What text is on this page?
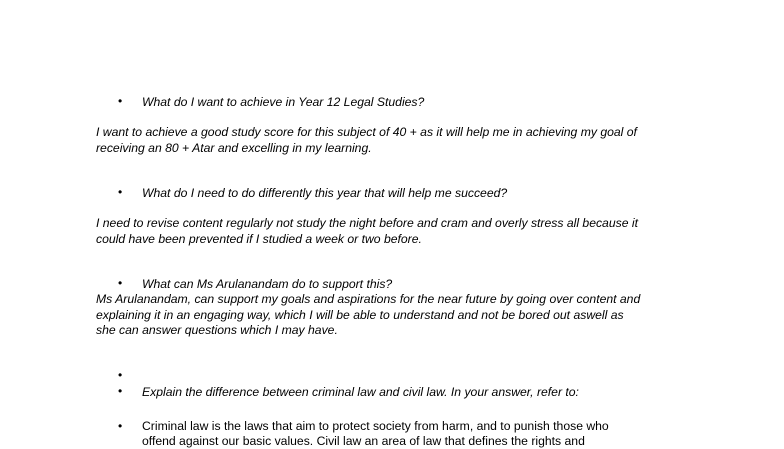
• What do I want to achieve in Year 12 Legal Studies?
I want to achieve a good study score for this subject of 40 + as it will help me in achieving my goal of
receiving an 80 + Atar and excelling in my learning.
• What do I need to do differently this year that will help me succeed?
I need to revise content regularly not study the night before and cram and overly stress all because it
could have been prevented if I studied a week or two before.
• What can Ms Arulanandam do to support this?
Ms Arulanandam, can support my goals and aspirations for the near future by going over content and
explaining it in an engaging way, which I will be able to understand and not be bored out aswell as
she can answer questions which I may have.
•
• Explain the difference between criminal law and civil law. In your answer, refer to:
• Criminal law is the laws that aim to protect society from harm, and to punish those who
offend against our basic values. Civil law an area of law that defines the rights and
